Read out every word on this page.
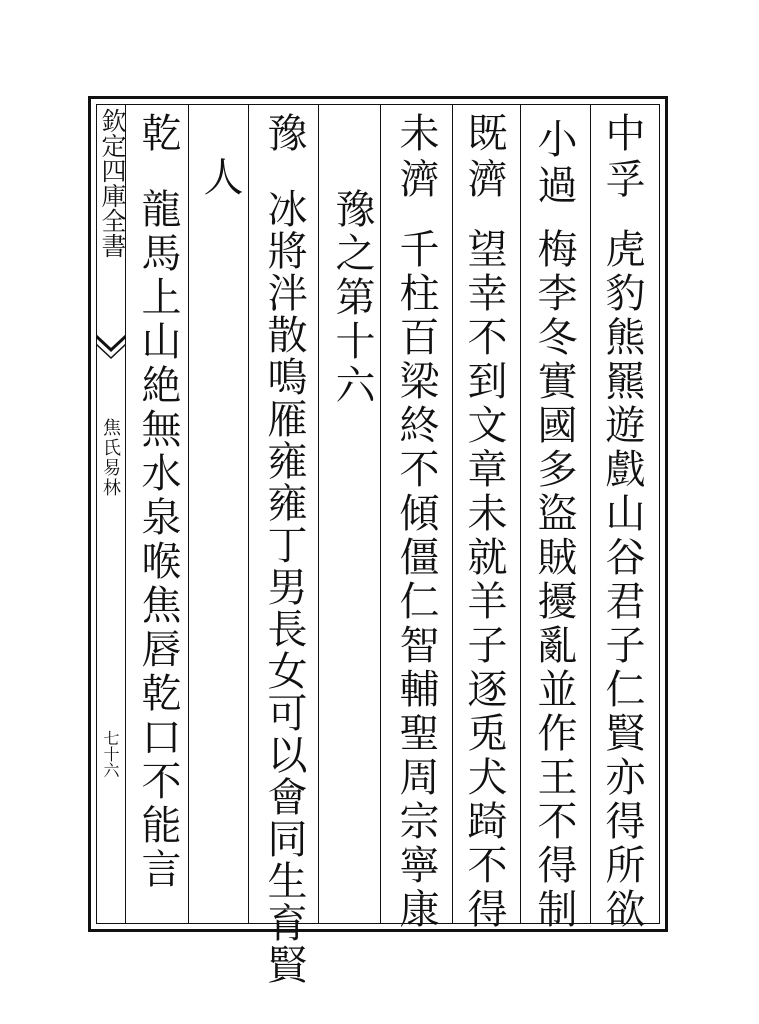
欽定四庫全書
焦氏易林
七十六
中孚
虎豹熊羆遊戲山谷君子仁賢亦得所欲
小過
梅李冬實國多盜賊擾亂並作王不得制
既濟
望幸不到文章未就羊子逐兎犬踦不得
未濟
千柱百梁終不傾僵仁智輔聖周宗寧康
豫之第十六
豫
冰將泮散鳴雁雍雍丁男長女可以會同生育賢
人
乾
龍馬上山絶無水泉喉焦唇乾口不能言
